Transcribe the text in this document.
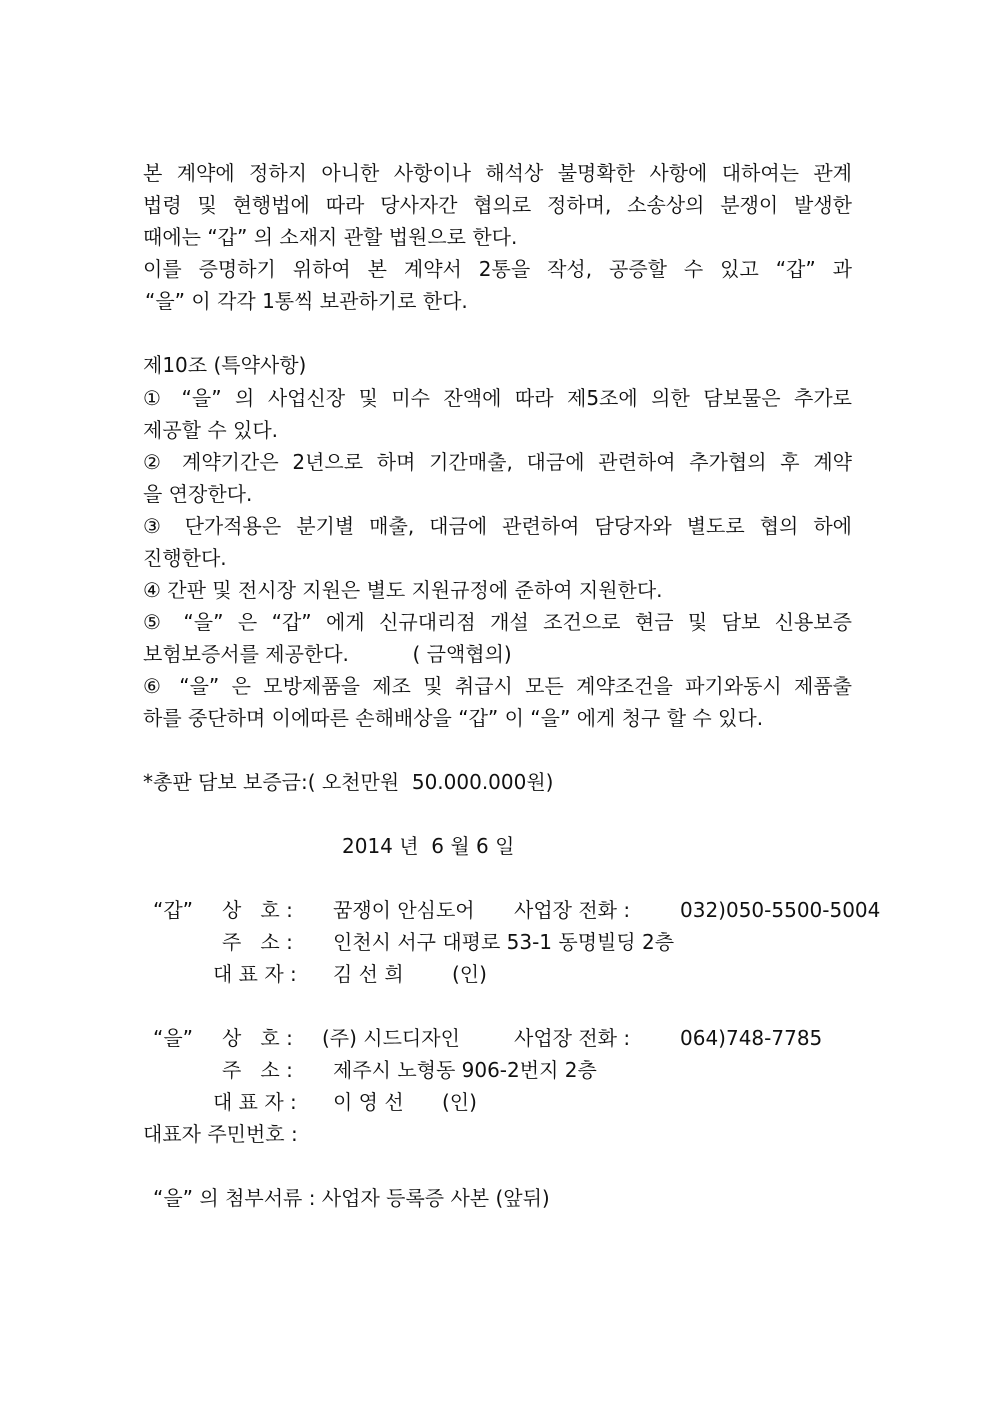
본 계약에 정하지 아니한 사항이나 해석상 불명확한 사항에 대하여는 관계
법령 및 현행법에 따라 당사자간 협의로 정하며, 소송상의 분쟁이 발생한
때에는 “갑” 의 소재지 관할 법원으로 한다.
이를 증명하기 위하여 본 계약서 2통을 작성, 공증할 수 있고 “갑” 과
“을” 이 각각 1통씩 보관하기로 한다.
제10조 (특약사항)
① “을” 의 사업신장 및 미수 잔액에 따라 제5조에 의한 담보물은 추가로
제공할 수 있다.
② 계약기간은 2년으로 하며 기간매출, 대금에 관련하여 추가협의 후 계약
을 연장한다.
③ 단가적용은 분기별 매출, 대금에 관련하여 담당자와 별도로 협의 하에
진행한다.
④ 간판 및 전시장 지원은 별도 지원규정에 준하여 지원한다.
⑤ “을” 은 “갑” 에게 신규대리점 개설 조건으로 현금 및 담보 신용보증
보험보증서를 제공한다.          ( 금액협의)
⑥ “을” 은 모방제품을 제조 및 취급시 모든 계약조건을 파기와동시 제품출
하를 중단하며 이에따른 손해배상을 “갑” 이 “을” 에게 청구 할 수 있다.
*총판 담보 보증금:( 오천만원  50.000.000원)
2014 년  6 월 6 일
“갑” 상   호 : 꿈쟁이 안심도어 사업장 전화 : 032)050-5500-5004
주   소 : 인천시 서구 대평로 53-1 동명빌딩 2층
대 표 자 : 김 선 희 (인)
“을” 상   호 : (주) 시드디자인	사업장 전화 : 064)748-7785
주   소 : 제주시 노형동 906-2번지 2층
대 표 자 : 이 영 선 (인)
대표자 주민번호 :
“을” 의 첨부서류 : 사업자 등록증 사본 (앞뒤)
